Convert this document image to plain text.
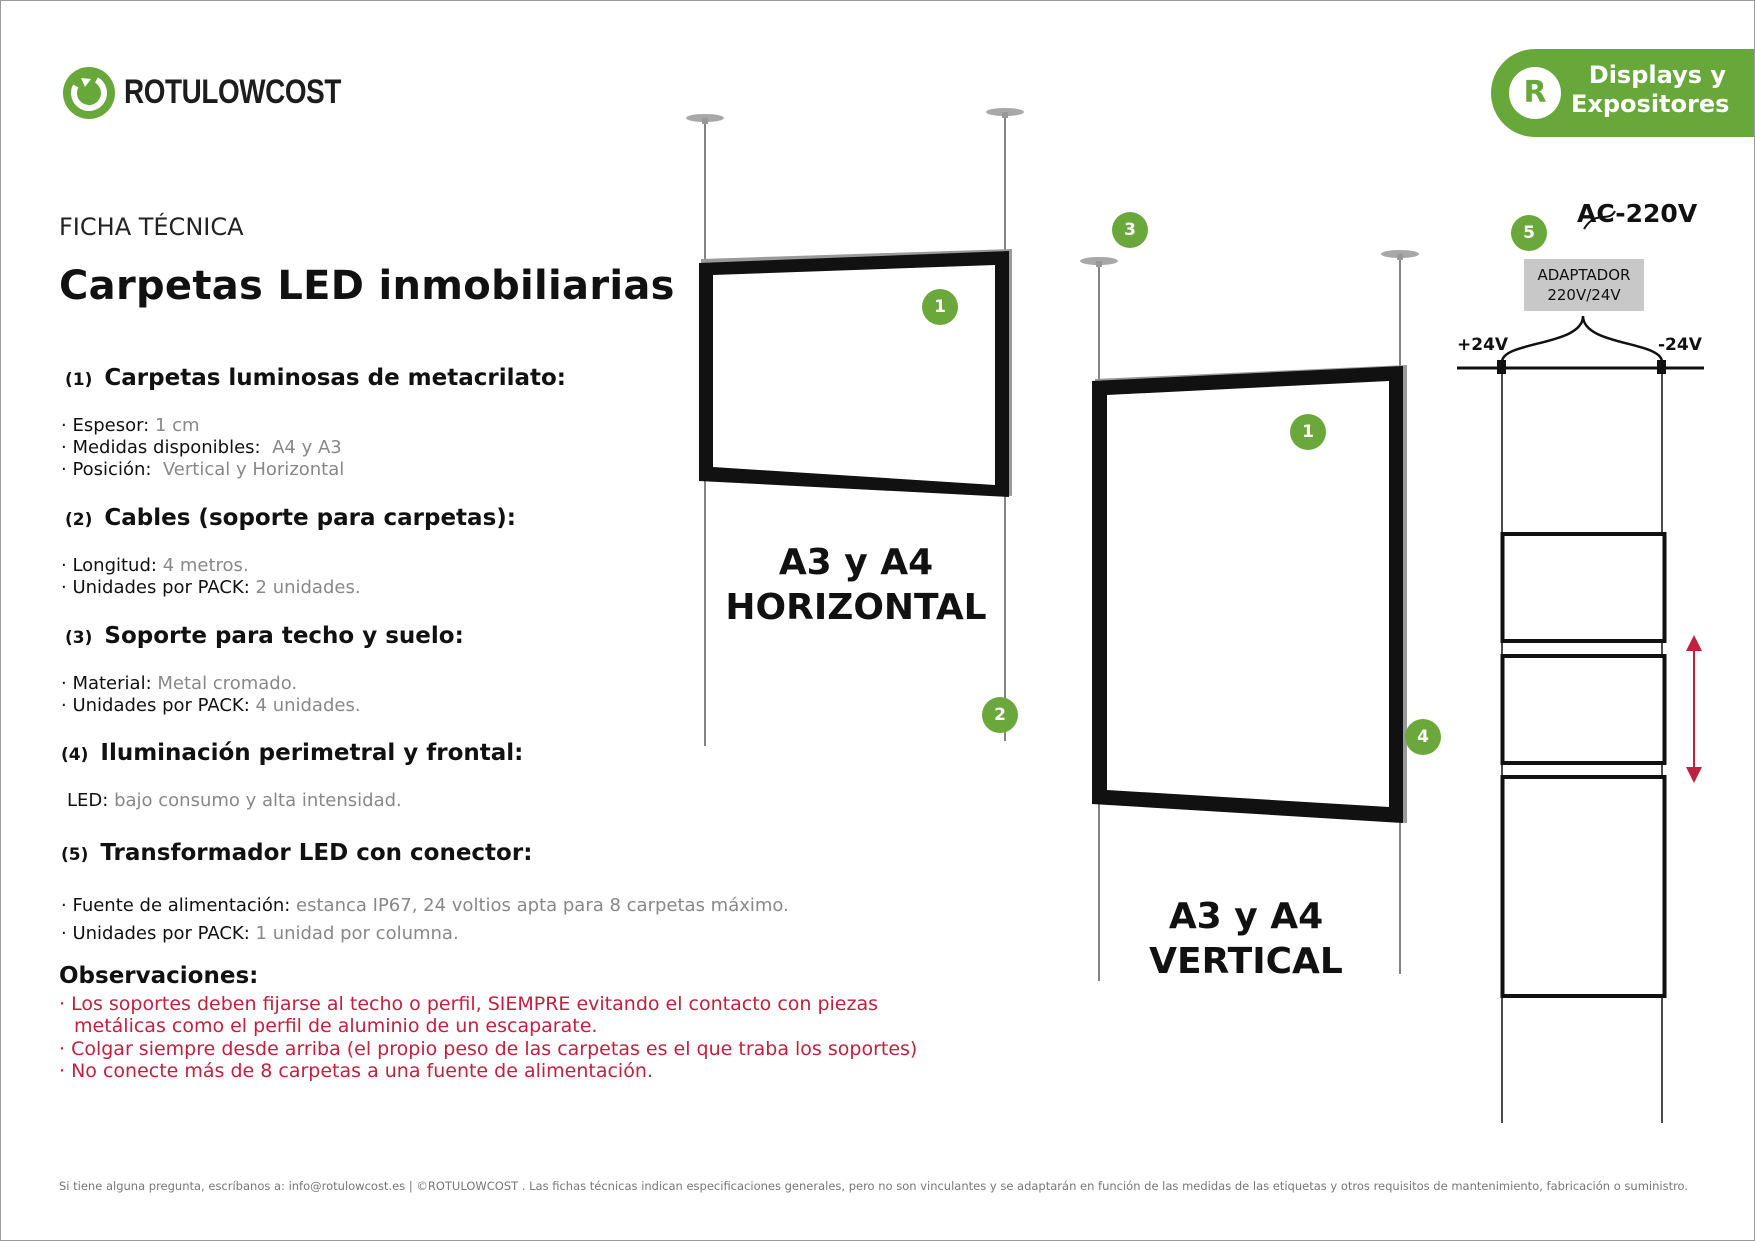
ROTULOWCOST	R	Displays y
Expositores
FICHA TÉCNICA
Carpetas LED inmobiliarias
(1) Carpetas luminosas de metacrilato:
· Espesor: 1 cm
· Medidas disponibles: A4 y A3
· Posición: Vertical y Horizontal
(2) Cables (soporte para carpetas):
· Longitud: 4 metros.
· Unidades por PACK: 2 unidades.
(3) Soporte para techo y suelo:
· Material: Metal cromado.
· Unidades por PACK: 4 unidades.
(4) Iluminación perimetral y frontal:
LED: bajo consumo y alta intensidad.
(5) Transformador LED con conector:
· Fuente de alimentación: estanca IP67, 24 voltios apta para 8 carpetas máximo.
· Unidades por PACK: 1 unidad por columna.
Observaciones:
· Los soportes deben fijarse al techo o perfil, SIEMPRE evitando el contacto con piezas
metálicas como el perfil de aluminio de un escaparate.
· Colgar siempre desde arriba (el propio peso de las carpetas es el que traba los soportes)
· No conecte más de 8 carpetas a una fuente de alimentación.
A3 y A4
HORIZONTAL
A3 y A4
VERTICAL
1
2
3
1
4
5
AC-220V
ADAPTADOR
220V/24V
+24V	-24V
Si tiene alguna pregunta, escríbanos a: info@rotulowcost.es | ©ROTULOWCOST . Las fichas técnicas indican especificaciones generales, pero no son vinculantes y se adaptarán en función de las medidas de las etiquetas y otros requisitos de mantenimiento, fabricación o suministro.
